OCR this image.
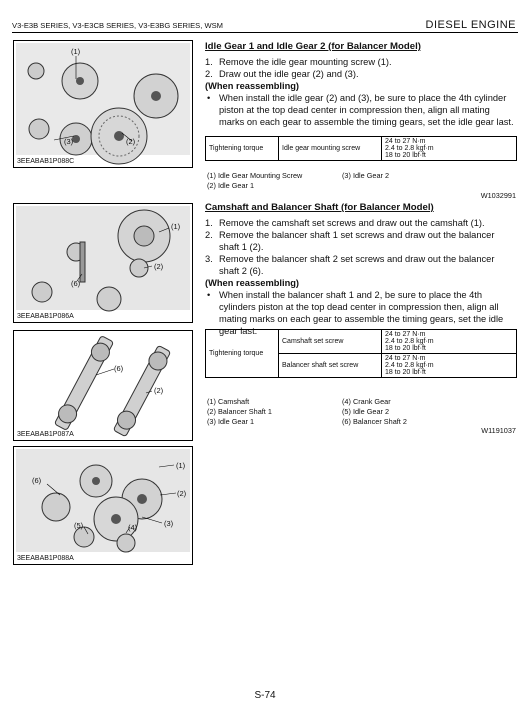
V3-E3B SERIES, V3-E3CB SERIES, V3-E3BG SERIES, WSM	DIESEL ENGINE
(1)
(3)	(2)
3EEABAB1P088C
(1)
(6)
(2)
3EEABAB1P086A
(6)
(2)
3EEABAB1P087A
(1)
(6)
(2)
(3)
(5)	(4)
3EEABAB1P088A
Idle Gear 1 and Idle Gear 2 (for Balancer Model)
1. Remove the idle gear mounting screw (1).
2. Draw out the idle gear (2) and (3).
(When reassembling)
• When install the idle gear (2) and (3), be sure to place the 4th cylinder piston at the top dead center in compression then, align all mating marks on each gear to assemble the timing gears, set the idle gear last.
Tightening torque	Idle gear mounting screw	
24 to 27 N·m
2.4 to 2.8 kgf·m
18 to 20 lbf·ft
(1) Idle Gear Mounting Screw	(3) Idle Gear 2
(2) Idle Gear 1
W1032991
Camshaft and Balancer Shaft (for Balancer Model)
1. Remove the camshaft set screws and draw out the camshaft (1).
2. Remove the balancer shaft 1 set screws and draw out the balancer shaft 1 (2).
3. Remove the balancer shaft 2 set screws and draw out the balancer shaft 2 (6).
(When reassembling)
• When install the balancer shaft 1 and 2, be sure to place the 4th cylinders piston at the top dead center in compression then, align all mating marks on each gear to assemble the timing gears, set the idle gear last.
Tightening torque	Camshaft set screw	24 to 27 N·m
2.4 to 2.8 kgf·m
18 to 20 lbf·ft

	Balancer shaft set screw	24 to 27 N·m
2.4 to 2.8 kgf·m
18 to 20 lbf·ft
(1) Camshaft	(4) Crank Gear
(2) Balancer Shaft 1	(5) Idle Gear 2
(3) Idle Gear 1	(6) Balancer Shaft 2
W1191037
S-74
